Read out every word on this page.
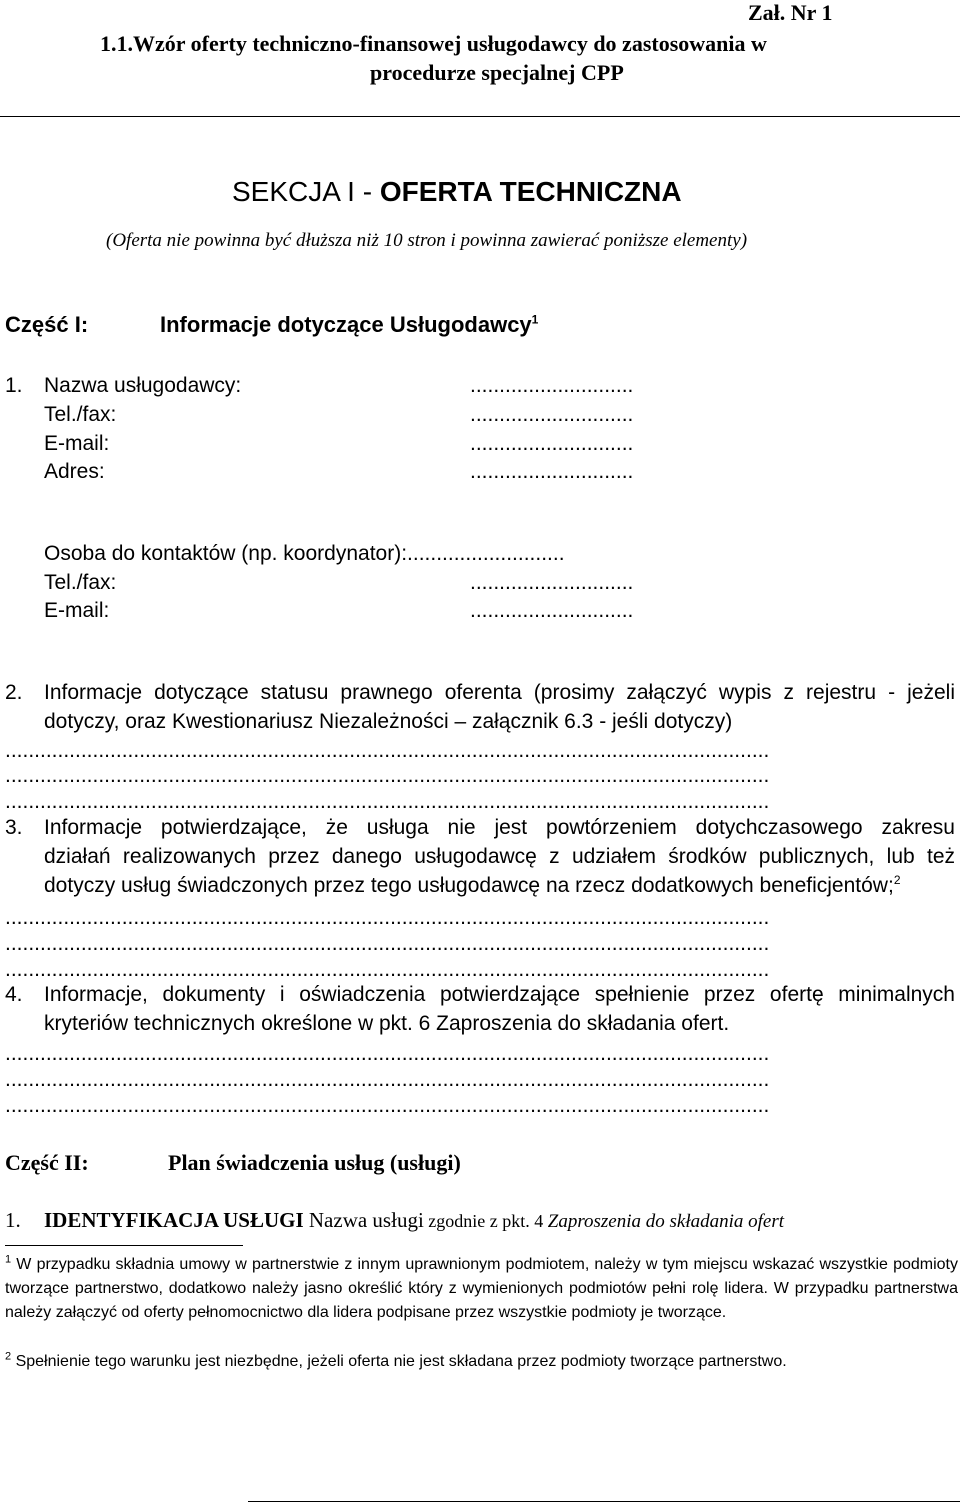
Zał. Nr 1
1.1.Wzór oferty techniczno-finansowej usługodawcy do zastosowania w
procedurze specjalnej CPP
SEKCJA I - OFERTA TECHNICZNA
(Oferta nie powinna być dłuższa niż 10 stron i powinna zawierać poniższe elementy)
Część I:	Informacje dotyczące Usługodawcy$^1$
1. Nazwa usługodawcy:	............................
Tel./fax:	............................
E-mail:	............................
Adres:	............................
Osoba do kontaktów (np. koordynator):...........................
Tel./fax:	............................
E-mail:	............................
2. Informacje dotyczące statusu prawnego oferenta (prosimy załączyć wypis z rejestru - jeżeli
dotyczy, oraz Kwestionariusz Niezależności – załącznik 6.3 - jeśli dotyczy)
...................................................................................................................................
...................................................................................................................................
...................................................................................................................................
3. Informacje potwierdzające, że usługa nie jest powtórzeniem dotychczasowego zakresu
działań realizowanych przez danego usługodawcę z udziałem środków publicznych, lub też
dotyczy usług świadczonych przez tego usługodawcę na rzecz dodatkowych beneficjentów;$^2$
...................................................................................................................................
...................................................................................................................................
...................................................................................................................................
4. Informacje, dokumenty i oświadczenia potwierdzające spełnienie przez ofertę minimalnych
kryteriów technicznych określone w pkt. 6 Zaproszenia do składania ofert.
...................................................................................................................................
...................................................................................................................................
...................................................................................................................................
Część II:	Plan świadczenia usług (usługi)
1. IDENTYFIKACJA USŁUGI Nazwa usługi zgodnie z pkt. 4 Zaproszenia do składania ofert
$^1$ W przypadku składnia umowy w partnerstwie z innym uprawnionym podmiotem, należy w tym miejscu wskazać wszystkie podmioty tworzące partnerstwo, dodatkowo należy jasno określić który z wymienionych podmiotów pełni rolę lidera. W przypadku partnerstwa należy załączyć od oferty pełnomocnictwo dla lidera podpisane przez wszystkie podmioty je tworzące.
$^2$ Spełnienie tego warunku jest niezbędne, jeżeli oferta nie jest składana przez podmioty tworzące partnerstwo.
